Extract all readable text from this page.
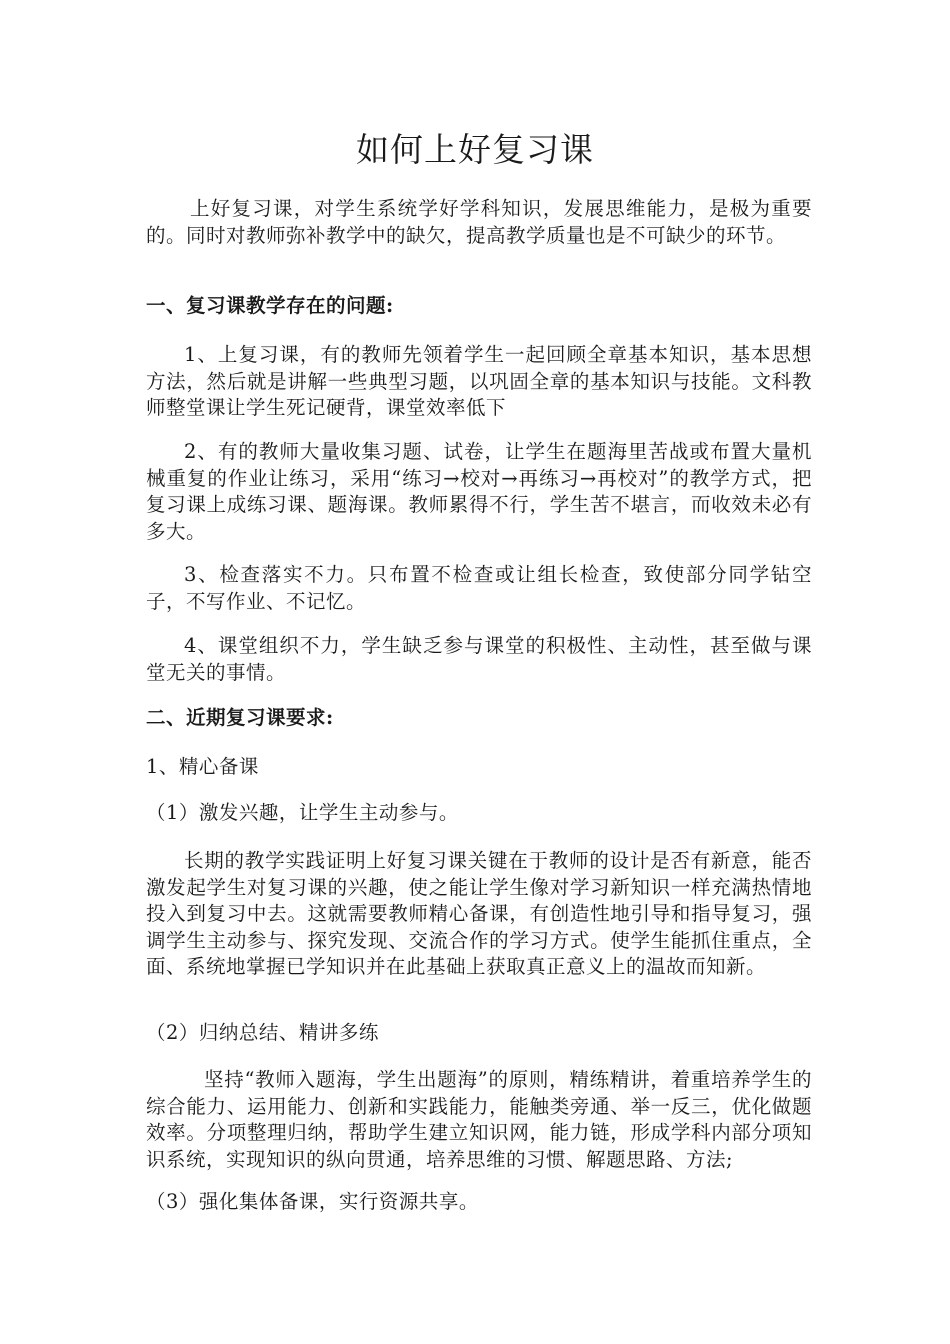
如何上好复习课

上好复习课，对学生系统学好学科知识，发展思维能力，是极为重要的。同时对教师弥补教学中的缺欠，提高教学质量也是不可缺少的环节。

一、复习课教学存在的问题:

1、上复习课，有的教师先领着学生一起回顾全章基本知识，基本思想方法，然后就是讲解一些典型习题，以巩固全章的基本知识与技能。文科教师整堂课让学生死记硬背，课堂效率低下

2、有的教师大量收集习题、试卷，让学生在题海里苦战或布置大量机械重复的作业让练习，采用“练习→校对→再练习→再校对”的教学方式，把复习课上成练习课、题海课。教师累得不行，学生苦不堪言，而收效未必有多大。

3、检查落实不力。只布置不检查或让组长检查，致使部分同学钻空子，不写作业、不记忆。

4、课堂组织不力，学生缺乏参与课堂的积极性、主动性，甚至做与课堂无关的事情。

二、近期复习课要求:

1、精心备课

（1）激发兴趣，让学生主动参与。

长期的教学实践证明上好复习课关键在于教师的设计是否有新意，能否激发起学生对复习课的兴趣，使之能让学生像对学习新知识一样充满热情地投入到复习中去。这就需要教师精心备课，有创造性地引导和指导复习，强调学生主动参与、探究发现、交流合作的学习方式。使学生能抓住重点，全面、系统地掌握已学知识并在此基础上获取真正意义上的温故而知新。

（2）归纳总结、精讲多练

坚持“教师入题海，学生出题海”的原则，精练精讲，着重培养学生的综合能力、运用能力、创新和实践能力，能触类旁通、举一反三，优化做题效率。分项整理归纳，帮助学生建立知识网，能力链，形成学科内部分项知识系统，实现知识的纵向贯通，培养思维的习惯、解题思路、方法;

（3）强化集体备课，实行资源共享。
